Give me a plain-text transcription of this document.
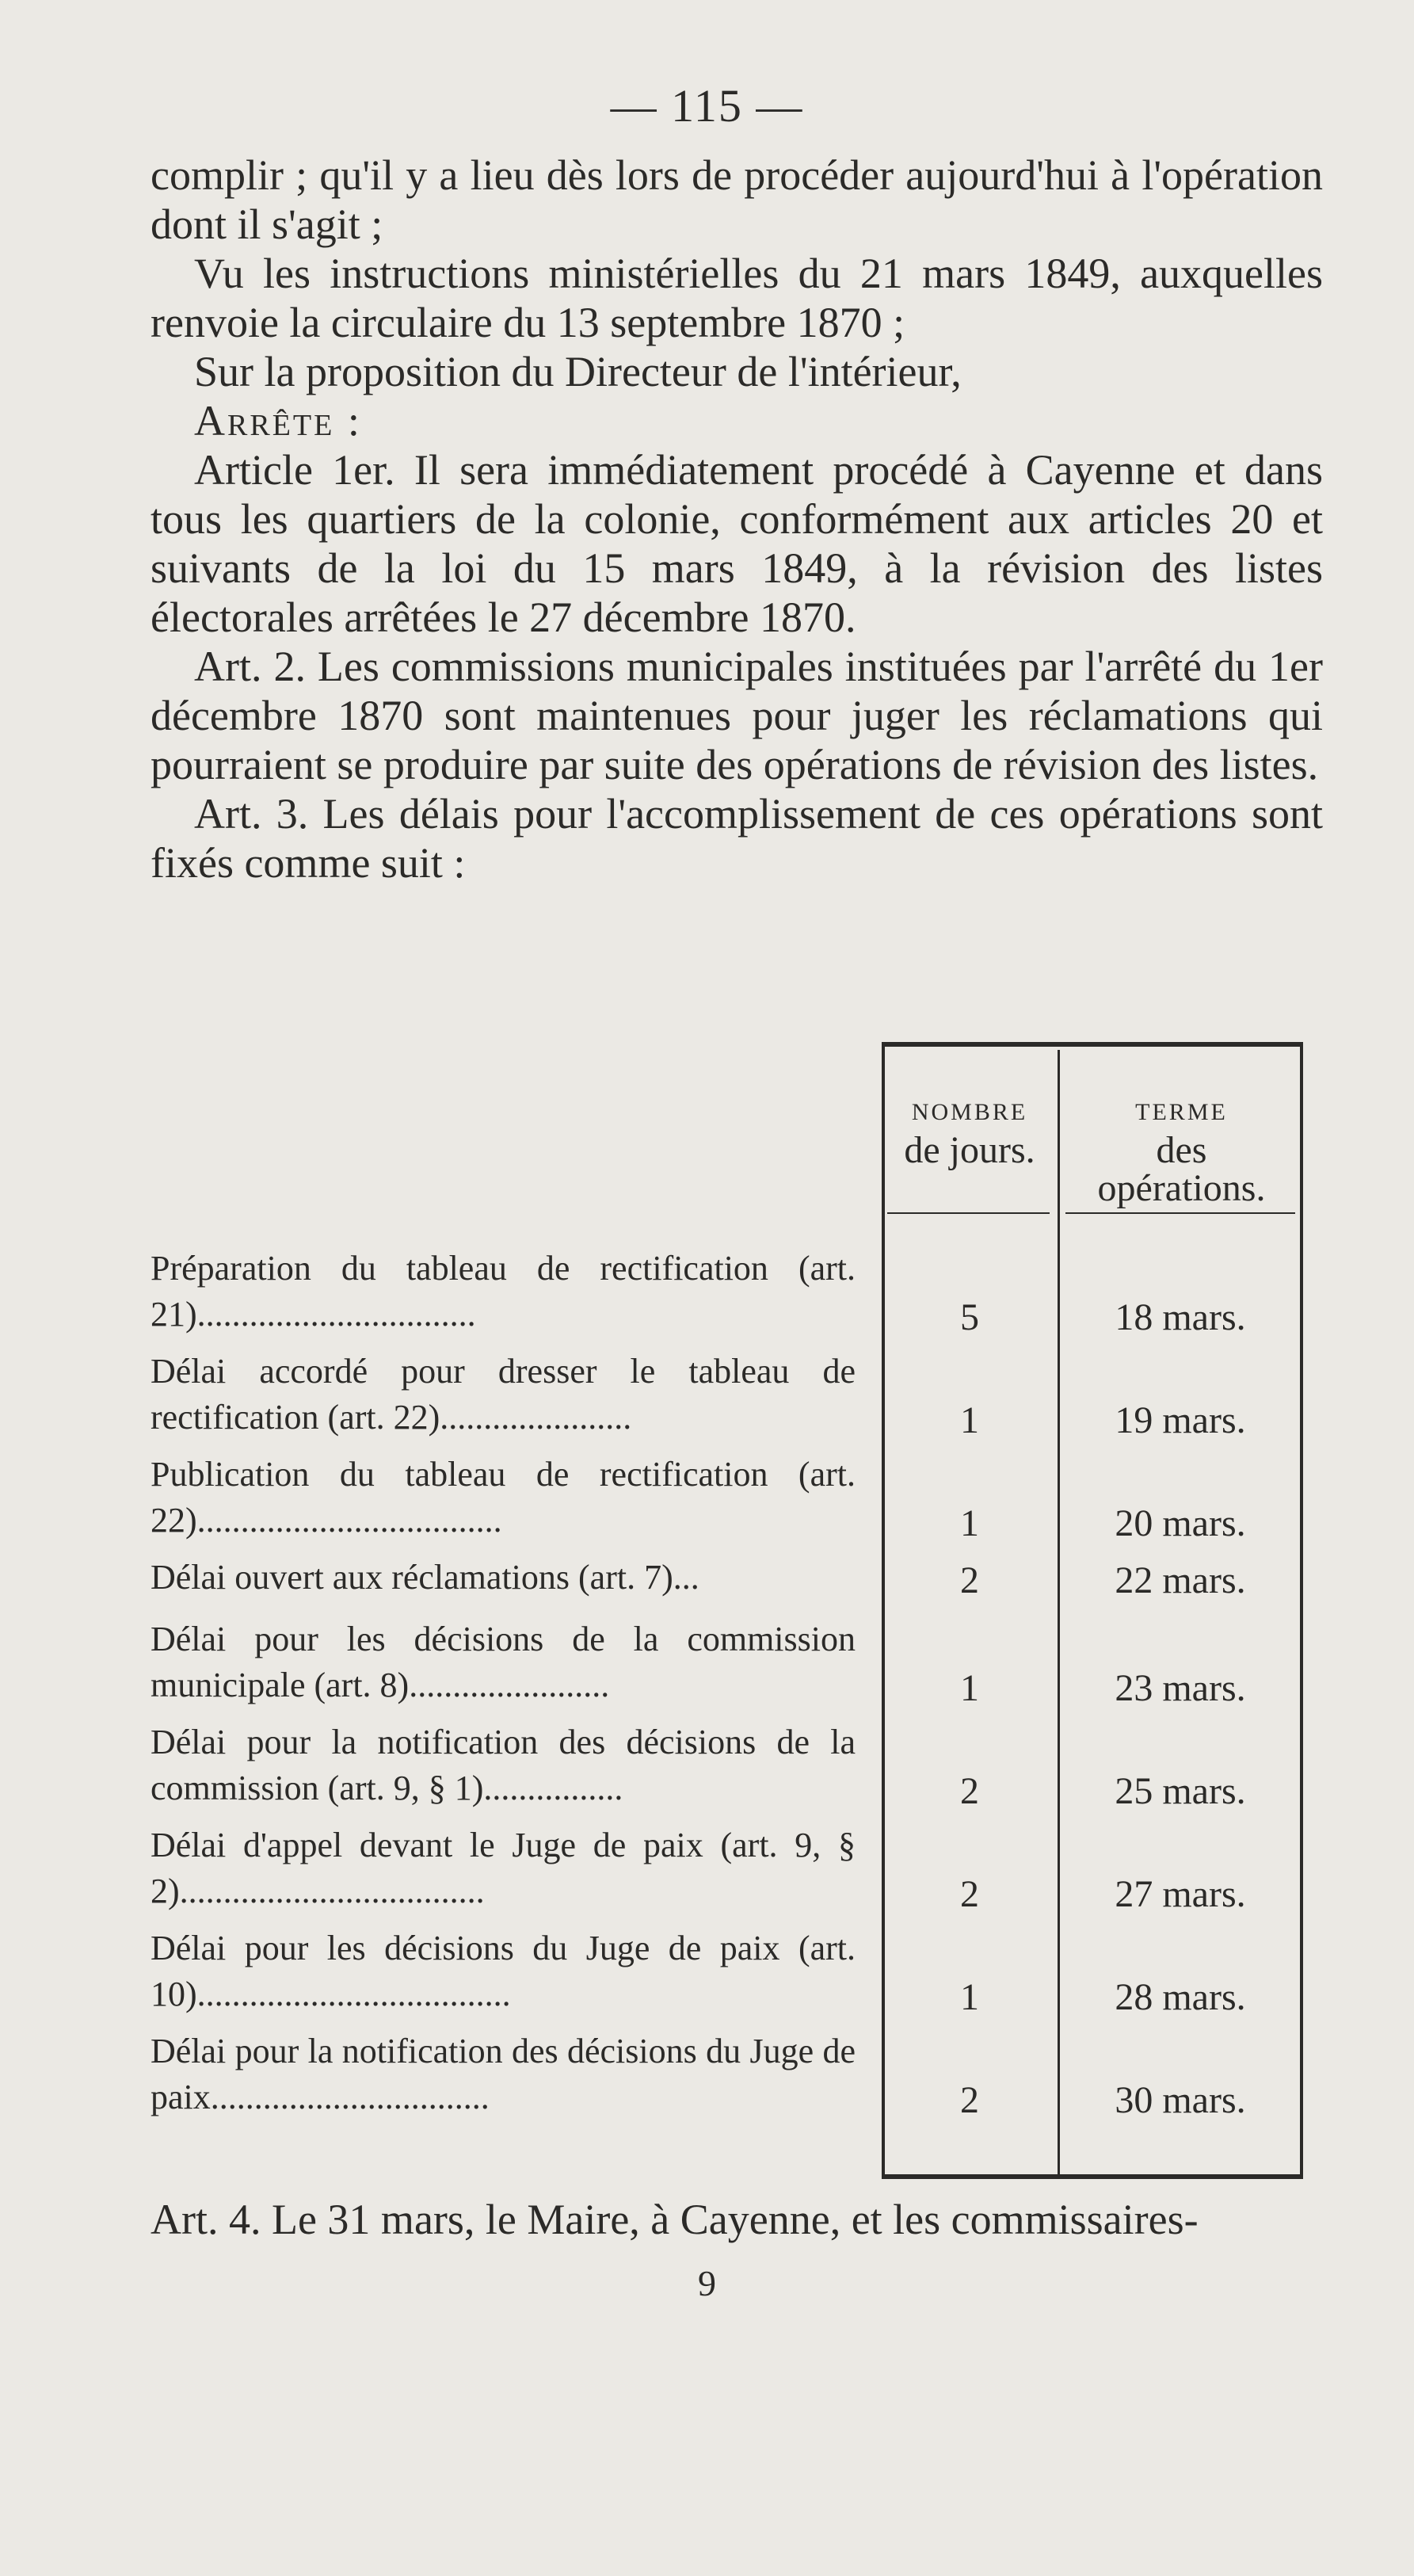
— 115 —

complir ; qu'il y a lieu dès lors de procéder aujourd'hui à l'opération dont il s'agit ;

Vu les instructions ministérielles du 21 mars 1849, auxquelles renvoie la circulaire du 13 septembre 1870 ;

Sur la proposition du Directeur de l'intérieur,

Arrête :

Article 1er. Il sera immédiatement procédé à Cayenne et dans tous les quartiers de la colonie, conformément aux articles 20 et suivants de la loi du 15 mars 1849, à la révision des listes électorales arrêtées le 27 décembre 1870.

Art. 2. Les commissions municipales instituées par l'arrêté du 1er décembre 1870 sont maintenues pour juger les réclamations qui pourraient se produire par suite des opérations de révision des listes.

Art. 3. Les délais pour l'accomplissement de ces opérations sont fixés comme suit :

NOMBRE
de jours.
TERME
des
opérations.
Préparation du tableau de rectification (art. 21)................................	5	18 mars.
Délai accordé pour dresser le tableau de rectification (art. 22)......................	1	19 mars.
Publication du tableau de rectification (art. 22)...................................	1	20 mars.
Délai ouvert aux réclamations (art. 7)...	2	22 mars.
Délai pour les décisions de la commission municipale (art. 8).......................	1	23 mars.
Délai pour la notification des décisions de la commission (art. 9, § 1)................	2	25 mars.
Délai d'appel devant le Juge de paix (art. 9, § 2)...................................	2	27 mars.
Délai pour les décisions du Juge de paix (art. 10)....................................	1	28 mars.
Délai pour la notification des décisions du Juge de paix................................	2	30 mars.
Art. 4. Le 31 mars, le Maire, à Cayenne, et les commissaires-
9
